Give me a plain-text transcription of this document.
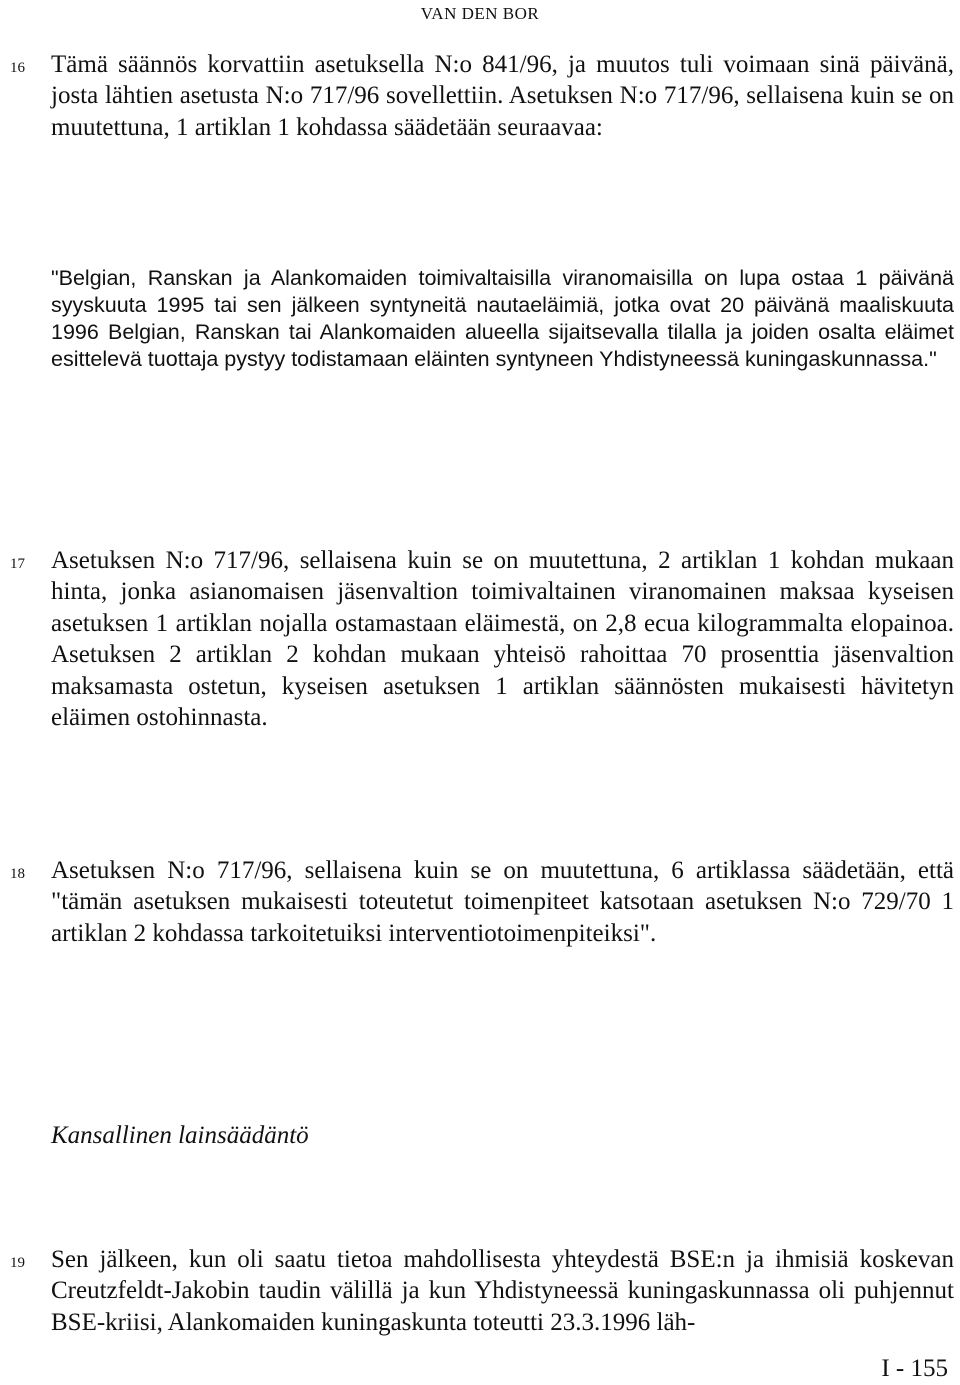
VAN DEN BOR
16 Tämä säännös korvattiin asetuksella N:o 841/96, ja muutos tuli voimaan sinä päivänä, josta lähtien asetusta N:o 717/96 sovellettiin. Asetuksen N:o 717/96, sellaisena kuin se on muutettuna, 1 artiklan 1 kohdassa säädetään seuraavaa:
"Belgian, Ranskan ja Alankomaiden toimivaltaisilla viranomaisilla on lupa ostaa 1 päivänä syyskuuta 1995 tai sen jälkeen syntyneitä nautaeläimiä, jotka ovat 20 päivänä maaliskuuta 1996 Belgian, Ranskan tai Alankomaiden alueella sijaitsevalla tilalla ja joiden osalta eläimet esittelevä tuottaja pystyy todistamaan eläinten syntyneen Yhdistyneessä kuningaskunnassa."
17 Asetuksen N:o 717/96, sellaisena kuin se on muutettuna, 2 artiklan 1 kohdan mukaan hinta, jonka asianomaisen jäsenvaltion toimivaltainen viranomainen maksaa kyseisen asetuksen 1 artiklan nojalla ostamastaan eläimestä, on 2,8 ecua kilogrammalta elopainoa. Asetuksen 2 artiklan 2 kohdan mukaan yhteisö rahoittaa 70 prosenttia jäsenvaltion maksamasta ostetun, kyseisen asetuksen 1 artiklan säännösten mukaisesti hävitetyn eläimen ostohinnasta.
18 Asetuksen N:o 717/96, sellaisena kuin se on muutettuna, 6 artiklassa säädetään, että "tämän asetuksen mukaisesti toteutetut toimenpiteet katsotaan asetuksen N:o 729/70 1 artiklan 2 kohdassa tarkoitetuiksi interventiotoimenpiteiksi".
Kansallinen lainsäädäntö
19 Sen jälkeen, kun oli saatu tietoa mahdollisesta yhteydestä BSE:n ja ihmisiä koskevan Creutzfeldt-Jakobin taudin välillä ja kun Yhdistyneessä kuningaskunnassa oli puhjennut BSE-kriisi, Alankomaiden kuningaskunta toteutti 23.3.1996 läh-
I - 155
